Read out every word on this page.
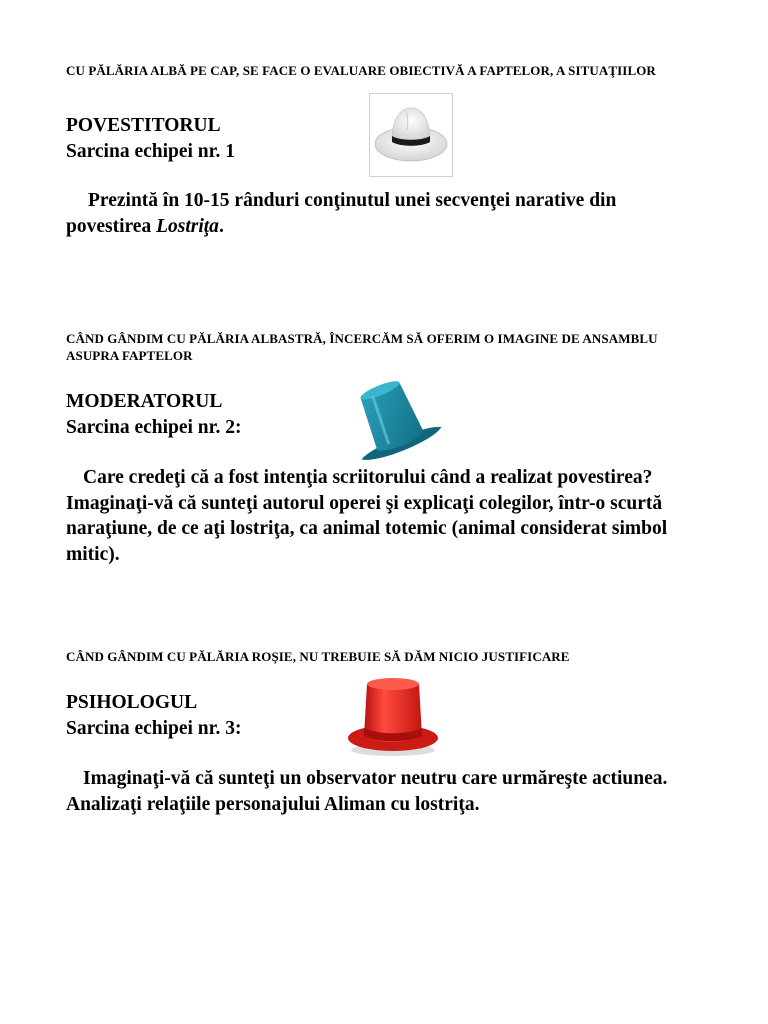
CU PĂLĂRIA ALBĂ PE CAP, SE FACE O EVALUARE OBIECTIVĂ A FAPTELOR, A SITUAŢIILOR
POVESTITORUL
Sarcina echipei nr. 1
Prezintă în 10-15 rânduri conţinutul unei secvenţei narative din povestirea Lostriţa.
CÂND GÂNDIM CU PĂLĂRIA ALBASTRĂ, ÎNCERCĂM SĂ OFERIM O IMAGINE DE ANSAMBLU ASUPRA FAPTELOR
MODERATORUL
Sarcina echipei nr. 2:
Care credeţi că a fost intenţia scriitorului când a realizat povestirea? Imaginaţi-vă că sunteţi autorul operei şi explicaţi colegilor, într-o scurtă naraţiune, de ce aţi lostriţa, ca animal totemic (animal considerat simbol mitic).
CÂND GÂNDIM CU PĂLĂRIA ROŞIE, NU TREBUIE SĂ DĂM NICIO JUSTIFICARE
PSIHOLOGUL
Sarcina echipei nr. 3:
Imaginaţi-vă că sunteţi un observator neutru care urmăreşte actiunea. Analizaţi relaţiile personajului Aliman cu lostriţa.
